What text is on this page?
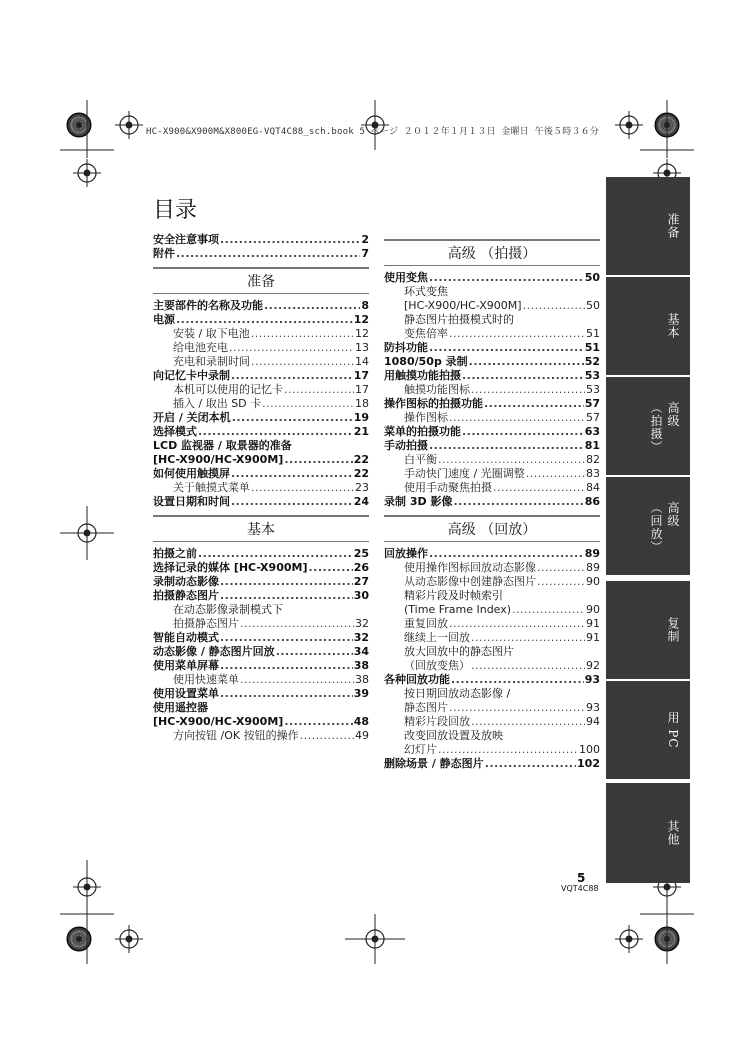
HC-X900&X900M&X800EG-VQT4C88_sch.book 5 ページ ２０１２年１月１３日 金曜日 午後５時３６分
目录
安全注意事项 .....	2
附件 .....	7
准备
主要部件的名称及功能 .....	8
电源 .....	12
安装 / 取下电池 .....	12
给电池充电 .....	13
充电和录制时间 .....	14
向记忆卡中录制 .....	17
本机可以使用的记忆卡 .....	17
插入 / 取出 SD 卡 .....	18
开启 / 关闭本机 .....	19
选择模式 .....	21
LCD 监视器 / 取景器的准备
[HC-X900/HC-X900M] .....	22
如何使用触摸屏 .....	22
关于触摸式菜单 .....	23
设置日期和时间 .....	24
基本
拍摄之前 .....	25
选择记录的媒体 [HC-X900M] .....	26
录制动态影像 .....	27
拍摄静态图片 .....	30
在动态影像录制模式下
拍摄静态图片 .....	32
智能自动模式 .....	32
动态影像 / 静态图片回放 .....	34
使用菜单屏幕 .....	38
使用快速菜单 .....	38
使用设置菜单 .....	39
使用遥控器
[HC-X900/HC-X900M] .....	48
方向按钮 /OK 按钮的操作 .....	49
高级 （拍摄）
使用变焦 .....	50
环式变焦
[HC-X900/HC-X900M] .....	50
静态图片拍摄模式时的
变焦倍率 .....	51
防抖功能 .....	51
1080/50p 录制 .....	52
用触摸功能拍摄 .....	53
触摸功能图标 .....	53
操作图标的拍摄功能 .....	57
操作图标 .....	57
菜单的拍摄功能 .....	63
手动拍摄 .....	81
白平衡 .....	82
手动快门速度 / 光圈调整 .....	83
使用手动聚焦拍摄 .....	84
录制 3D 影像 .....	86
高级 （回放）
回放操作 .....	89
使用操作图标回放动态影像 .....	89
从动态影像中创建静态图片 .....	90
精彩片段及时帧索引
(Time Frame Index) .....	90
重复回放 .....	91
继续上一回放 .....	91
放大回放中的静态图片
（回放变焦） .....	92
各种回放功能 .....	93
按日期回放动态影像 /
静态图片 .....	93
精彩片段回放 .....	94
改变回放设置及放映
幻灯片 .....	100
删除场景 / 静态图片 .....	102
准备
基本
高级 （拍摄）
高级 （回放）
复制
用 PC
其他
5
VQT4C88
